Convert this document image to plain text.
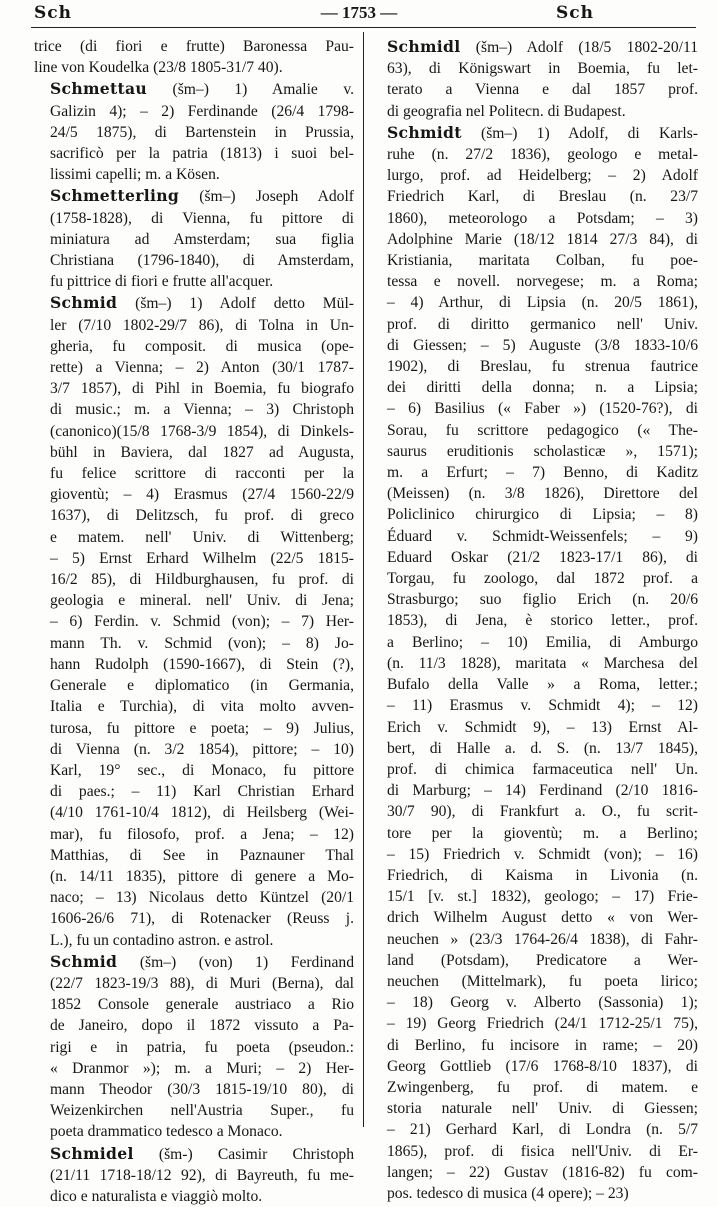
Sch	— 1753 —	Sch

trice (di fiori e frutte) Baronessa Pau-
line von Koudelka (23/8 1805-31/7 40).

Schmettau (šm–) 1) Amalie v.
Galizin 4); – 2) Ferdinande (26/4 1798-
24/5 1875), di Bartenstein in Prussia,
sacrificò per la patria (1813) i suoi bel-
lissimi capelli; m. a Kösen.

Schmetterling (šm–) Joseph Adolf
(1758-1828), di Vienna, fu pittore di
miniatura ad Amsterdam; sua figlia
Christiana (1796-1840), di Amsterdam,
fu pittrice di fiori e frutte all'acquer.

Schmid (šm–) 1) Adolf detto Mül-
ler (7/10 1802-29/7 86), di Tolna in Un-
gheria, fu composit. di musica (ope-
rette) a Vienna; – 2) Anton (30/1 1787-
3/7 1857), di Pihl in Boemia, fu biografo
di music.; m. a Vienna; – 3) Christoph
(canonico)(15/8 1768-3/9 1854), di Dinkels-
bühl in Baviera, dal 1827 ad Augusta,
fu felice scrittore di racconti per la
gioventù; – 4) Erasmus (27/4 1560-22/9
1637), di Delitzsch, fu prof. di greco
e matem. nell' Univ. di Wittenberg;
– 5) Ernst Erhard Wilhelm (22/5 1815-
16/2 85), di Hildburghausen, fu prof. di
geologia e mineral. nell' Univ. di Jena;
– 6) Ferdin. v. Schmid (von); – 7) Her-
mann Th. v. Schmid (von); – 8) Jo-
hann Rudolph (1590-1667), di Stein (?),
Generale e diplomatico (in Germania,
Italia e Turchia), di vita molto avven-
turosa, fu pittore e poeta; – 9) Julius,
di Vienna (n. 3/2 1854), pittore; – 10)
Karl, 19° sec., di Monaco, fu pittore
di paes.; – 11) Karl Christian Erhard
(4/10 1761-10/4 1812), di Heilsberg (Wei-
mar), fu filosofo, prof. a Jena; – 12)
Matthias, di See in Paznauner Thal
(n. 14/11 1835), pittore di genere a Mo-
naco; – 13) Nicolaus detto Küntzel (20/1
1606-26/6 71), di Rotenacker (Reuss j.
L.), fu un contadino astron. e astrol.

Schmid (šm–) (von) 1) Ferdinand
(22/7 1823-19/3 88), di Muri (Berna), dal
1852 Console generale austriaco a Rio
de Janeiro, dopo il 1872 vissuto a Pa-
rigi e in patria, fu poeta (pseudon.:
« Dranmor »); m. a Muri; – 2) Her-
mann Theodor (30/3 1815-19/10 80), di
Weizenkirchen nell'Austria Super., fu
poeta drammatico tedesco a Monaco.

Schmidel (šm-) Casimir Christoph
(21/11 1718-18/12 92), di Bayreuth, fu me-
dico e naturalista e viaggiò molto.

Schmidl (šm–) Adolf (18/5 1802-20/11
63), di Königswart in Boemia, fu let-
terato a Vienna e dal 1857 prof.
di geografia nel Politecn. di Budapest.

Schmidt (šm–) 1) Adolf, di Karls-
ruhe (n. 27/2 1836), geologo e metal-
lurgo, prof. ad Heidelberg; – 2) Adolf
Friedrich Karl, di Breslau (n. 23/7
1860), meteorologo a Potsdam; – 3)
Adolphine Marie (18/12 1814 27/3 84), di
Kristiania, maritata Colban, fu poe-
tessa e novell. norvegese; m. a Roma;
– 4) Arthur, di Lipsia (n. 20/5 1861),
prof. di diritto germanico nell' Univ.
di Giessen; – 5) Auguste (3/8 1833-10/6
1902), di Breslau, fu strenua fautrice
dei diritti della donna; n. a Lipsia;
– 6) Basilius (« Faber ») (1520-76?), di
Sorau, fu scrittore pedagogico (« The-
saurus eruditionis scholasticæ », 1571);
m. a Erfurt; – 7) Benno, di Kaditz
(Meissen) (n. 3/8 1826), Direttore del
Policlinico chirurgico di Lipsia; – 8)
Éduard v. Schmidt-Weissenfels; – 9)
Eduard Oskar (21/2 1823-17/1 86), di
Torgau, fu zoologo, dal 1872 prof. a
Strasburgo; suo figlio Erich (n. 20/6
1853), di Jena, è storico letter., prof.
a Berlino; – 10) Emilia, di Amburgo
(n. 11/3 1828), maritata « Marchesa del
Bufalo della Valle » a Roma, letter.;
– 11) Erasmus v. Schmidt 4); – 12)
Erich v. Schmidt 9), – 13) Ernst Al-
bert, di Halle a. d. S. (n. 13/7 1845),
prof. di chimica farmaceutica nell' Un.
di Marburg; – 14) Ferdinand (2/10 1816-
30/7 90), di Frankfurt a. O., fu scrit-
tore per la gioventù; m. a Berlino;
– 15) Friedrich v. Schmidt (von); – 16)
Friedrich, di Kaisma in Livonia (n.
15/1 [v. st.] 1832), geologo; – 17) Frie-
drich Wilhelm August detto « von Wer-
neuchen » (23/3 1764-26/4 1838), di Fahr-
land (Potsdam), Predicatore a Wer-
neuchen (Mittelmark), fu poeta lirico;
– 18) Georg v. Alberto (Sassonia) 1);
– 19) Georg Friedrich (24/1 1712-25/1 75),
di Berlino, fu incisore in rame; – 20)
Georg Gottlieb (17/6 1768-8/10 1837), di
Zwingenberg, fu prof. di matem. e
storia naturale nell' Univ. di Giessen;
– 21) Gerhard Karl, di Londra (n. 5/7
1865), prof. di fisica nell'Univ. di Er-
langen; – 22) Gustav (1816-82) fu com-
pos. tedesco di musica (4 opere); – 23)
